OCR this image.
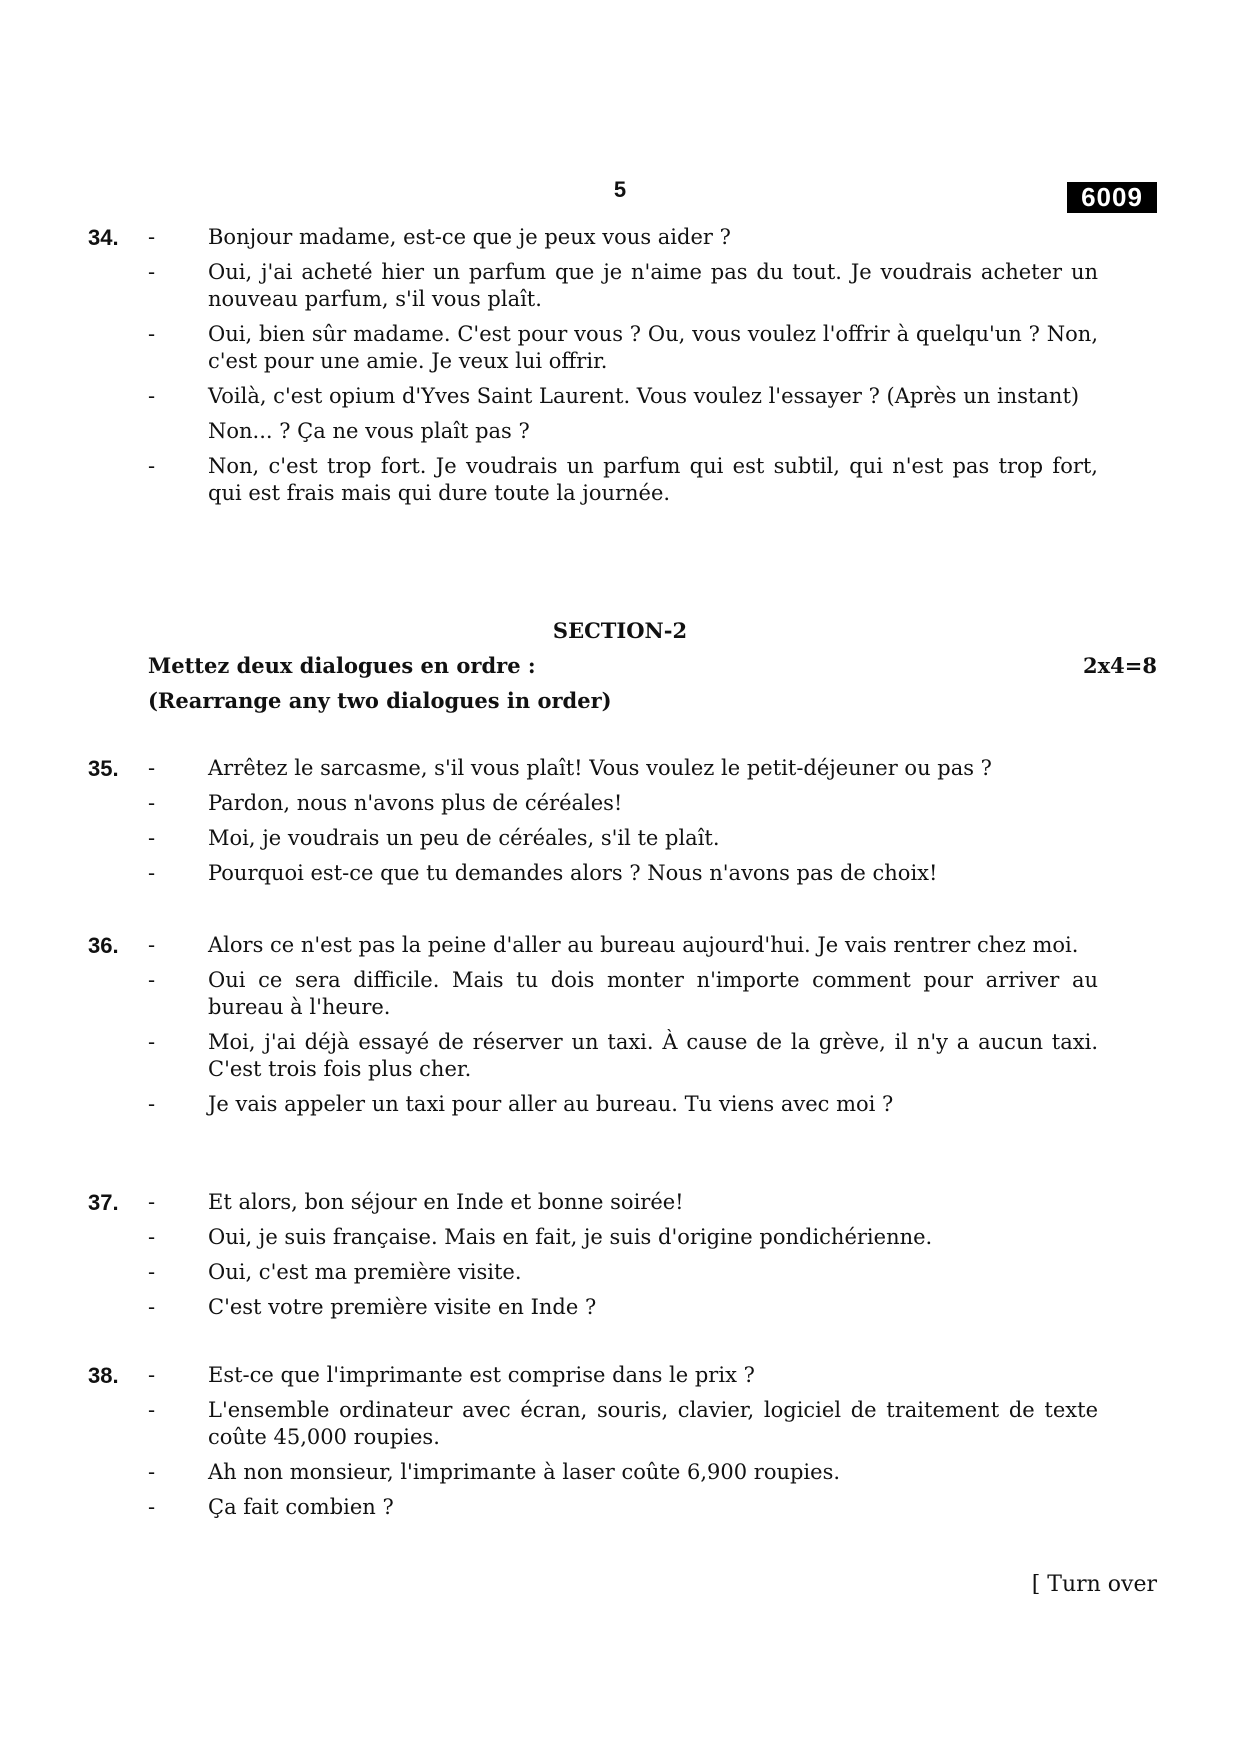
5	6009
34. -	Bonjour madame, est-ce que je peux vous aider ?
-	Oui, j'ai acheté hier un parfum que je n'aime pas du tout. Je voudrais acheter un nouveau parfum, s'il vous plaît.
-	Oui, bien sûr madame. C'est pour vous ? Ou, vous voulez l'offrir à quelqu'un ? Non, c'est pour une amie. Je veux lui offrir.
-	Voilà, c'est opium d'Yves Saint Laurent. Vous voulez l'essayer ? (Après un instant)
Non... ? Ça ne vous plaît pas ?
-	Non, c'est trop fort. Je voudrais un parfum qui est subtil, qui n'est pas trop fort, qui est frais mais qui dure toute la journée.
SECTION-2
Mettez deux dialogues en ordre :	2x4=8
(Rearrange any two dialogues in order)
35. -	Arrêtez le sarcasme, s'il vous plaît! Vous voulez le petit-déjeuner ou pas ?
-	Pardon, nous n'avons plus de céréales!
-	Moi, je voudrais un peu de céréales, s'il te plaît.
-	Pourquoi est-ce que tu demandes alors ? Nous n'avons pas de choix!
36. -	Alors ce n'est pas la peine d'aller au bureau aujourd'hui. Je vais rentrer chez moi.
-	Oui ce sera difficile. Mais tu dois monter n'importe comment pour arriver au bureau à l'heure.
-	Moi, j'ai déjà essayé de réserver un taxi. À cause de la grève, il n'y a aucun taxi. C'est trois fois plus cher.
-	Je vais appeler un taxi pour aller au bureau. Tu viens avec moi ?
37. -	Et alors, bon séjour en Inde et bonne soirée!
-	Oui, je suis française. Mais en fait, je suis d'origine pondichérienne.
-	Oui, c'est ma première visite.
-	C'est votre première visite en Inde ?
38. -	Est-ce que l'imprimante est comprise dans le prix ?
-	L'ensemble ordinateur avec écran, souris, clavier, logiciel de traitement de texte coûte 45,000 roupies.
-	Ah non monsieur, l'imprimante à laser coûte 6,900 roupies.
-	Ça fait combien ?
[ Turn over
